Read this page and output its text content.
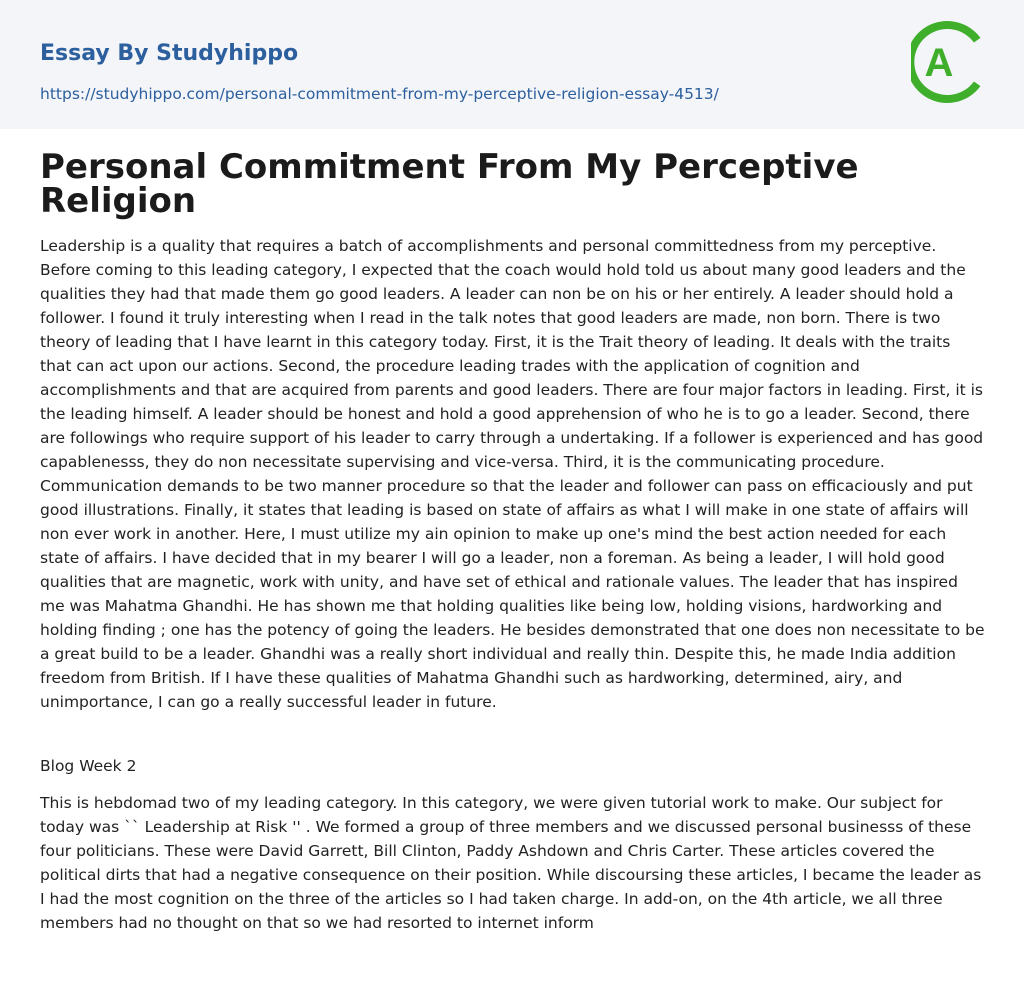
Essay By Studyhippo
https://studyhippo.com/personal-commitment-from-my-perceptive-religion-essay-4513/
A
Personal Commitment From My Perceptive Religion

Leadership is a quality that requires a batch of accomplishments and personal committedness from my perceptive. Before coming to this leading category, I expected that the coach would hold told us about many good leaders and the qualities they had that made them go good leaders. A leader can non be on his or her entirely. A leader should hold a follower. I found it truly interesting when I read in the talk notes that good leaders are made, non born. There is two theory of leading that I have learnt in this category today. First, it is the Trait theory of leading. It deals with the traits that can act upon our actions. Second, the procedure leading trades with the application of cognition and accomplishments and that are acquired from parents and good leaders. There are four major factors in leading. First, it is the leading himself. A leader should be honest and hold a good apprehension of who he is to go a leader. Second, there are followings who require support of his leader to carry through a undertaking. If a follower is experienced and has good capablenesss, they do non necessitate supervising and vice-versa. Third, it is the communicating procedure. Communication demands to be two manner procedure so that the leader and follower can pass on efficaciously and put good illustrations. Finally, it states that leading is based on state of affairs as what I will make in one state of affairs will non ever work in another. Here, I must utilize my ain opinion to make up one's mind the best action needed for each state of affairs. I have decided that in my bearer I will go a leader, non a foreman. As being a leader, I will hold good qualities that are magnetic, work with unity, and have set of ethical and rationale values. The leader that has inspired me was Mahatma Ghandhi. He has shown me that holding qualities like being low, holding visions, hardworking and holding finding ; one has the potency of going the leaders. He besides demonstrated that one does non necessitate to be a great build to be a leader. Ghandhi was a really short individual and really thin. Despite this, he made India addition freedom from British. If I have these qualities of Mahatma Ghandhi such as hardworking, determined, airy, and unimportance, I can go a really successful leader in future.

Blog Week 2

This is hebdomad two of my leading category. In this category, we were given tutorial work to make. Our subject for today was `` Leadership at Risk '' . We formed a group of three members and we discussed personal businesss of these four politicians. These were David Garrett, Bill Clinton, Paddy Ashdown and Chris Carter. These articles covered the political dirts that had a negative consequence on their position. While discoursing these articles, I became the leader as I had the most cognition on the three of the articles so I had taken charge. In add-on, on the 4th article, we all three members had no thought on that so we had resorted to internet inform
